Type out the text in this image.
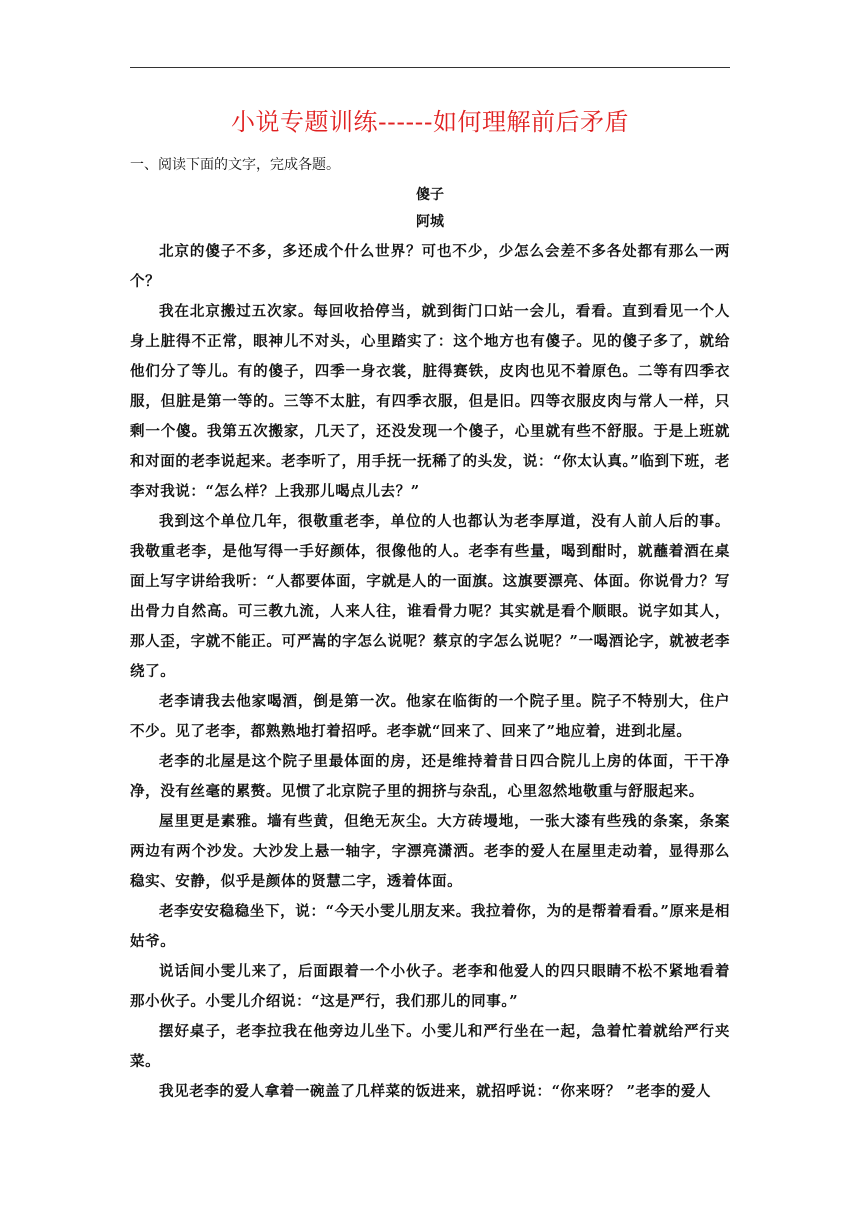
小说专题训练------如何理解前后矛盾
一、阅读下面的文字，完成各题。
傻子
阿城

北京的傻子不多，多还成个什么世界？可也不少，少怎么会差不多各处都有那么一两个？

我在北京搬过五次家。每回收拾停当，就到街门口站一会儿，看看。直到看见一个人身上脏得不正常，眼神儿不对头，心里踏实了：这个地方也有傻子。见的傻子多了，就给他们分了等儿。有的傻子，四季一身衣裳，脏得赛铁，皮肉也见不着原色。二等有四季衣服，但脏是第一等的。三等不太脏，有四季衣服，但是旧。四等衣服皮肉与常人一样，只剩一个傻。我第五次搬家，几天了，还没发现一个傻子，心里就有些不舒服。于是上班就和对面的老李说起来。老李听了，用手抚一抚稀了的头发，说：“你太认真。”临到下班，老李对我说：“怎么样？上我那儿喝点儿去？”

我到这个单位几年，很敬重老李，单位的人也都认为老李厚道，没有人前人后的事。我敬重老李，是他写得一手好颜体，很像他的人。老李有些量，喝到酣时，就蘸着酒在桌面上写字讲给我听：“人都要体面，字就是人的一面旗。这旗要漂亮、体面。你说骨力？写出骨力自然高。可三教九流，人来人往，谁看骨力呢？其实就是看个顺眼。说字如其人，那人歪，字就不能正。可严嵩的字怎么说呢？蔡京的字怎么说呢？”一喝酒论字，就被老李绕了。

老李请我去他家喝酒，倒是第一次。他家在临街的一个院子里。院子不特别大，住户不少。见了老李，都熟熟地打着招呼。老李就“回来了、回来了”地应着，进到北屋。

老李的北屋是这个院子里最体面的房，还是维持着昔日四合院儿上房的体面，干干净净，没有丝毫的累赘。见惯了北京院子里的拥挤与杂乱，心里忽然地敬重与舒服起来。

屋里更是素雅。墙有些黄，但绝无灰尘。大方砖墁地，一张大漆有些残的条案，条案两边有两个沙发。大沙发上悬一轴字，字漂亮潇洒。老李的爱人在屋里走动着，显得那么稳实、安静，似乎是颜体的贤慧二字，透着体面。

老李安安稳稳坐下，说：“今天小雯儿朋友来。我拉着你，为的是帮着看看。”原来是相姑爷。

说话间小雯儿来了，后面跟着一个小伙子。老李和他爱人的四只眼睛不松不紧地看着那小伙子。小雯儿介绍说：“这是严行，我们那儿的同事。”

摆好桌子，老李拉我在他旁边儿坐下。小雯儿和严行坐在一起，急着忙着就给严行夹菜。

我见老李的爱人拿着一碗盖了几样菜的饭进来，就招呼说：“你来呀？ ”老李的爱人
